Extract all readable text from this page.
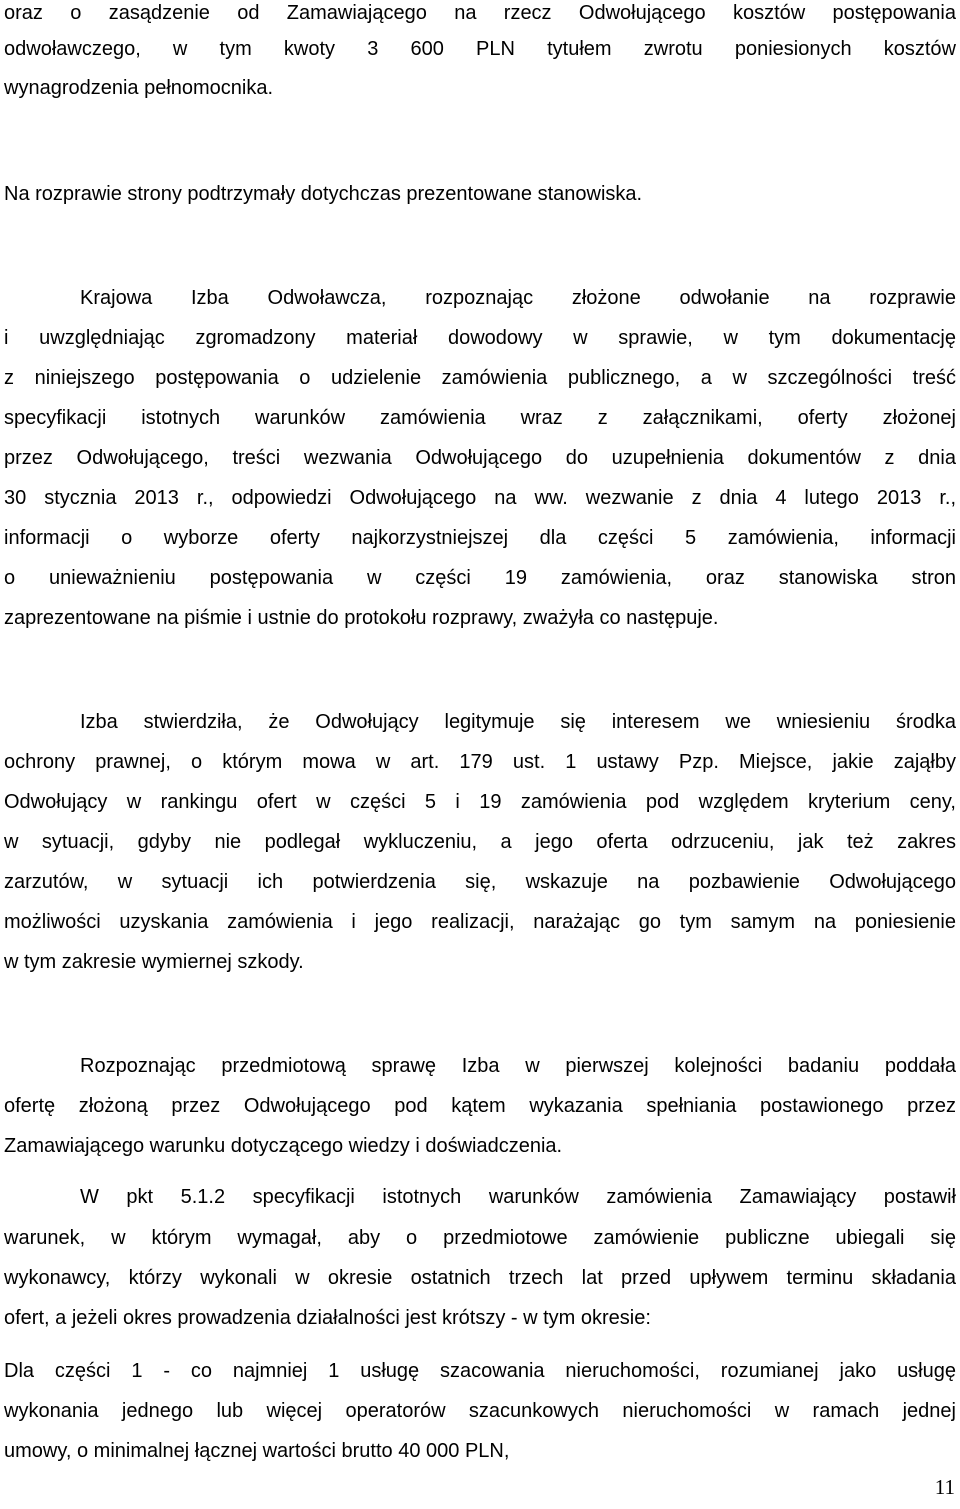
oraz o zasądzenie od Zamawiającego na rzecz Odwołującego kosztów postępowania
odwoławczego, w tym kwoty 3 600 PLN tytułem zwrotu poniesionych kosztów
wynagrodzenia pełnomocnika.
Na rozprawie strony podtrzymały dotychczas prezentowane stanowiska.
Krajowa Izba Odwoławcza, rozpoznając złożone odwołanie na rozprawie
i uwzględniając zgromadzony materiał dowodowy w sprawie, w tym dokumentację
z niniejszego postępowania o udzielenie zamówienia publicznego, a w szczególności treść
specyfikacji istotnych warunków zamówienia wraz z załącznikami, oferty złożonej
przez Odwołującego, treści wezwania Odwołującego do uzupełnienia dokumentów z dnia
30 stycznia 2013 r., odpowiedzi Odwołującego na ww. wezwanie z dnia 4 lutego 2013 r.,
informacji o wyborze oferty najkorzystniejszej dla części 5 zamówienia, informacji
o unieważnieniu postępowania w części 19 zamówienia, oraz stanowiska stron
zaprezentowane na piśmie i ustnie do protokołu rozprawy, zważyła co następuje.
Izba stwierdziła, że Odwołujący legitymuje się interesem we wniesieniu środka
ochrony prawnej, o którym mowa w art. 179 ust. 1 ustawy Pzp. Miejsce, jakie zająłby
Odwołujący w rankingu ofert w części 5 i 19 zamówienia pod względem kryterium ceny,
w sytuacji, gdyby nie podlegał wykluczeniu, a jego oferta odrzuceniu, jak też zakres
zarzutów, w sytuacji ich potwierdzenia się, wskazuje na pozbawienie Odwołującego
możliwości uzyskania zamówienia i jego realizacji, narażając go tym samym na poniesienie
w tym zakresie wymiernej szkody.
Rozpoznając przedmiotową sprawę Izba w pierwszej kolejności badaniu poddała
ofertę złożoną przez Odwołującego pod kątem wykazania spełniania postawionego przez
Zamawiającego warunku dotyczącego wiedzy i doświadczenia.
W pkt 5.1.2 specyfikacji istotnych warunków zamówienia Zamawiający postawił
warunek, w którym wymagał, aby o przedmiotowe zamówienie publiczne ubiegali się
wykonawcy, którzy wykonali w okresie ostatnich trzech lat przed upływem terminu składania
ofert, a jeżeli okres prowadzenia działalności jest krótszy - w tym okresie:
Dla części 1 - co najmniej 1 usługę szacowania nieruchomości, rozumianej jako usługę
wykonania jednego lub więcej operatorów szacunkowych nieruchomości w ramach jednej
umowy, o minimalnej łącznej wartości brutto 40 000 PLN,
11
